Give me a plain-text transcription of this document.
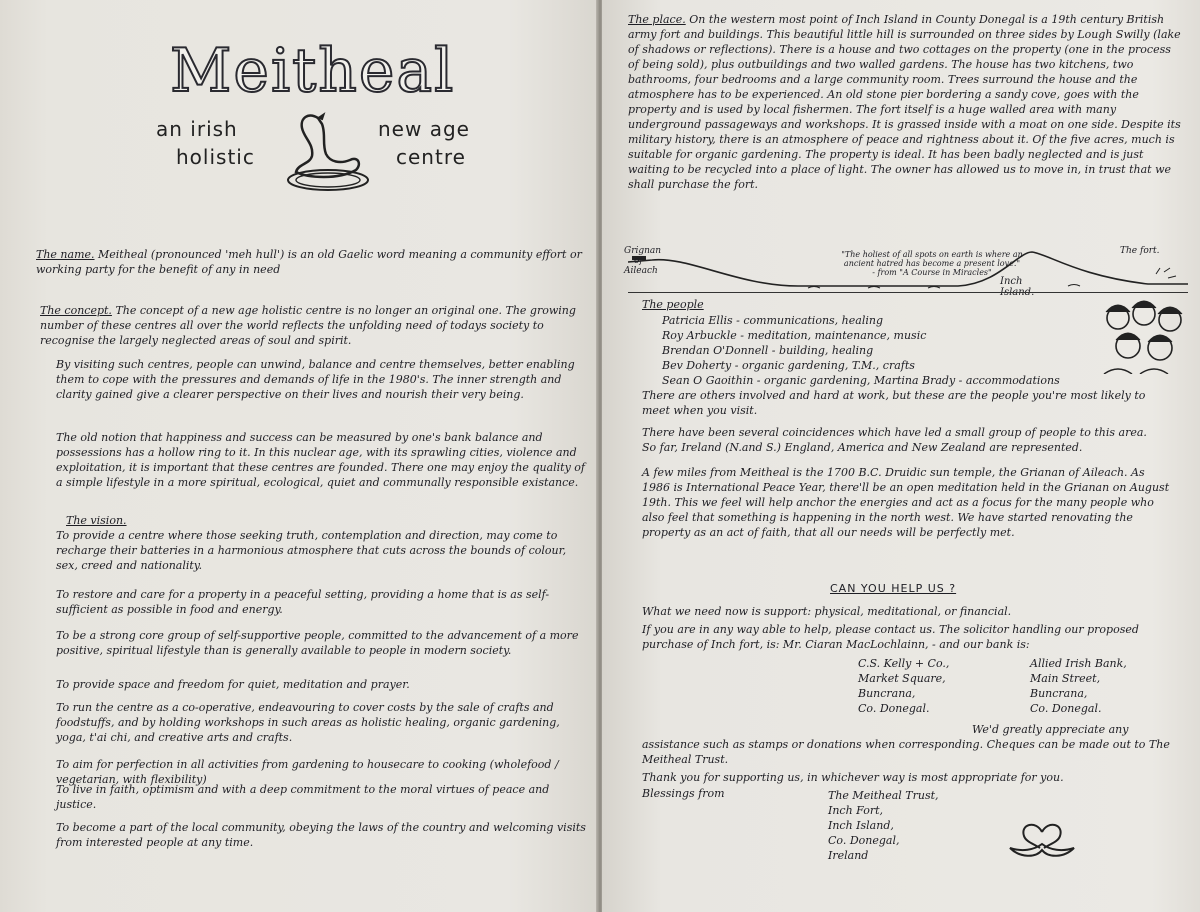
Meitheal
an irish
holistic
new age
centre
The name. Meitheal (pronounced 'meh hull') is an old Gaelic word meaning a community effort or working party for the benefit of any in need
The concept. The concept of a new age holistic centre is no longer an original one. The growing number of these centres all over the world reflects the unfolding need of todays society to recognise the largely neglected areas of soul and spirit.

By visiting such centres, people can unwind, balance and centre themselves, better enabling them to cope with the pressures and demands of life in the 1980's. The inner strength and clarity gained give a clearer perspective on their lives and nourish their very being.

The old notion that happiness and success can be measured by one's bank balance and possessions has a hollow ring to it. In this nuclear age, with its sprawling cities, violence and exploitation, it is important that these centres are founded. There one may enjoy the quality of a simple lifestyle in a more spiritual, ecological, quiet and communally responsible existance.

The vision.

To provide a centre where those seeking truth, contemplation and direction, may come to recharge their batteries in a harmonious atmosphere that cuts across the bounds of colour, sex, creed and nationality.

To restore and care for a property in a peaceful setting, providing a home that is as self-sufficient as possible in food and energy.

To be a strong core group of self-supportive people, committed to the advancement of a more positive, spiritual lifestyle than is generally available to people in modern society.

To provide space and freedom for quiet, meditation and prayer.

To run the centre as a co-operative, endeavouring to cover costs by the sale of crafts and foodstuffs, and by holding workshops in such areas as holistic healing, organic gardening, yoga, t'ai chi, and creative arts and crafts.

To aim for perfection in all activities from gardening to housecare to cooking (wholefood / vegetarian, with flexibility)

To live in faith, optimism and with a deep commitment to the moral virtues of peace and justice.

To become a part of the local community, obeying the laws of the country and welcoming visits from interested people at any time.

The place. On the western most point of Inch Island in County Donegal is a 19th century British army fort and buildings. This beautiful little hill is surrounded on three sides by Lough Swilly (lake of shadows or reflections). There is a house and two cottages on the property (one in the process of being sold), plus outbuildings and two walled gardens. The house has two kitchens, two bathrooms, four bedrooms and a large community room. Trees surround the house and the atmosphere has to be experienced. An old stone pier bordering a sandy cove, goes with the property and is used by local fishermen. The fort itself is a huge walled area with many underground passageways and workshops. It is grassed inside with a moat on one side. Despite its military history, there is an atmosphere of peace and rightness about it. Of the five acres, much is suitable for organic gardening. The property is ideal. It has been badly neglected and is just waiting to be recycled into a place of light. The owner has allowed us to move in, in trust that we shall purchase the fort.
"The holiest of all spots on earth is where an
ancient hatred has become a present love."
- from "A Course in Miracles"
Grignan
of
Aileach
Inch
The fort.
The people
Patricia Ellis - communications, healing
Roy Arbuckle - meditation, maintenance, music
Brendan O'Donnell - building, healing
Bev Doherty - organic gardening, T.M., crafts
Sean O Gaoithin - organic gardening, Martina Brady - accommodations

There are others involved and hard at work, but these are the people you're most likely to meet when you visit.

There have been several coincidences which have led a small group of people to this area. So far, Ireland (N.and S.) England, America and New Zealand are represented.

A few miles from Meitheal is the 1700 B.C. Druidic sun temple, the Grianan of Aileach. As 1986 is International Peace Year, there'll be an open meditation held in the Grianan on August 19th. This we feel will help anchor the energies and act as a focus for the many people who also feel that something is happening in the north west. We have started renovating the property as an act of faith, that all our needs will be perfectly met.

CAN YOU HELP US ?

What we need now is support: physical, meditational, or financial.

If you are in any way able to help, please contact us. The solicitor handling our proposed purchase of Inch fort, is: Mr. Ciaran MacLochlainn, - and our bank is:

C.S. Kelly + Co.,
Market Square,
Buncrana,
Co. Donegal.
Allied Irish Bank,
Main Street,
Buncrana,
Co. Donegal.

We'd greatly appreciate any assistance such as stamps or donations when corresponding. Cheques can be made out to The Meitheal Trust.

Thank you for supporting us, in whichever way is most appropriate for you.

Blessings from	The Meitheal Trust,
Inch Fort,
Inch Island,
Co. Donegal,
Ireland
